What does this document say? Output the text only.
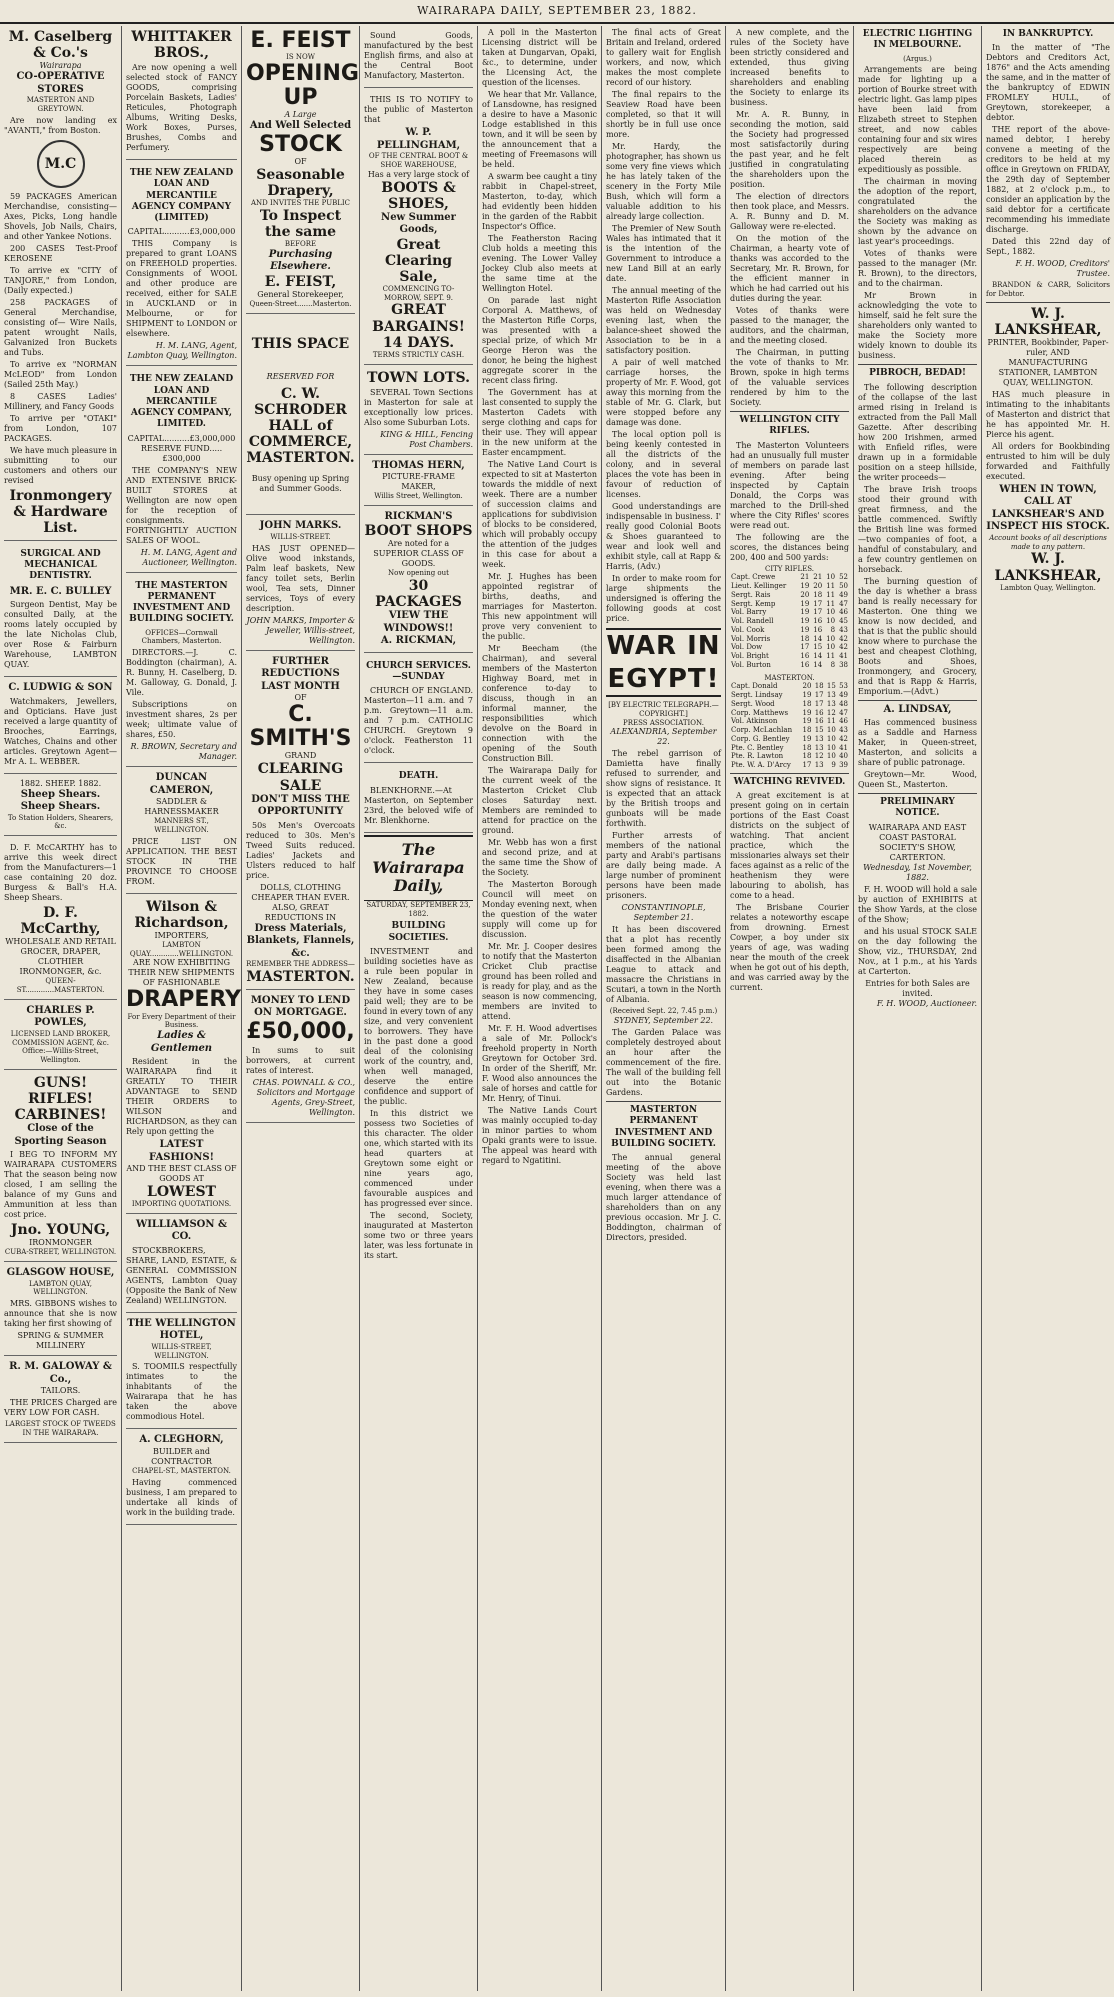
WAIRARAPA DAILY, SEPTEMBER 23, 1882.
M. Caselberg & Co.'s
Wairarapa
CO-OPERATIVE STORES
MASTERTON AND GREYTOWN.
Are now landing ex "AVANTI," from Boston.
M.C
59 PACKAGES American Merchandise, consisting—Axes, Picks, Long handle Shovels, Job Nails, Chairs, and other Yankee Notions.
200 CASES Test-Proof KEROSENE
To arrive ex "CITY of TANJORE," from London, (Daily expected.)
258 PACKAGES of General Merchandise, consisting of— Wire Nails, patent wrought Nails, Galvanized Iron Buckets and Tubs.
To arrive ex "NORMAN McLEOD" from London (Sailed 25th May.)
8 CASES Ladies' Millinery, and Fancy Goods
To arrive per "OTAKI" from London, 107 PACKAGES.
We have much pleasure in submitting to our customers and others our revised
Ironmongery & Hardware List.
SURGICAL AND MECHANICAL DENTISTRY.
MR. E. C. BULLEY
Surgeon Dentist, May be consulted Daily, at the rooms lately occupied by the late Nicholas Club, over Rose & Fairburn Warehouse, LAMBTON QUAY.
C. LUDWIG & SON
Watchmakers, Jewellers, and Opticians. Have just received a large quantity of Brooches, Earrings, Watches, Chains and other articles. Greytown Agent—Mr A. L. WEBBER.
1882. SHEEP. 1882.
Sheep Shears. Sheep Shears.
To Station Holders, Shearers, &c.
D. F. McCARTHY has to arrive this week direct from the Manufacturers—1 case containing 20 doz. Burgess & Ball's H.A. Sheep Shears.
D. F. McCarthy,
WHOLESALE AND RETAIL GROCER, DRAPER, CLOTHIER IRONMONGER, &c.
QUEEN-ST.............MASTERTON.
CHARLES P. POWLES,
LICENSED LAND BROKER, COMMISSION AGENT, &c. Office:—Willis-Street, Wellington.
GUNS! RIFLES! CARBINES!
Close of the Sporting Season
I BEG TO INFORM MY WAIRARAPA CUSTOMERS That the season being now closed, I am selling the balance of my Guns and Ammunition at less than cost price.
Jno. YOUNG,
IRONMONGER
CUBA-STREET, WELLINGTON.
GLASGOW HOUSE,
LAMBTON QUAY, WELLINGTON.
MRS. GIBBONS wishes to announce that she is now taking her first showing of
SPRING & SUMMER MILLINERY
R. M. GALOWAY & Co.,
TAILORS.
THE PRICES Charged are VERY LOW FOR CASH.
LARGEST STOCK OF TWEEDS IN THE WAIRARAPA.
WHITTAKER BROS.,
Are now opening a well selected stock of FANCY GOODS, comprising Porcelain Baskets, Ladies' Reticules, Photograph Albums, Writing Desks, Work Boxes, Purses, Brushes, Combs and Perfumery.
THE NEW ZEALAND LOAN AND MERCANTILE AGENCY COMPANY (LIMITED)
CAPITAL..........£3,000,000
THIS Company is prepared to grant LOANS on FREEHOLD properties. Consignments of WOOL and other produce are received, either for SALE in AUCKLAND or in Melbourne, or for SHIPMENT to LONDON or elsewhere.
H. M. LANG, Agent, Lambton Quay, Wellington.
THE NEW ZEALAND LOAN AND MERCANTILE AGENCY COMPANY, LIMITED.
CAPITAL..........£3,000,000
RESERVE FUND.....£300,000
THE COMPANY'S NEW AND EXTENSIVE BRICK-BUILT STORES at Wellington are now open for the reception of consignments. FORTNIGHTLY AUCTION SALES OF WOOL.
H. M. LANG, Agent and Auctioneer, Wellington.
THE MASTERTON PERMANENT INVESTMENT AND BUILDING SOCIETY.
OFFICES—Cornwall Chambers, Masterton.
DIRECTORS.—J. C. Boddington (chairman), A. R. Bunny, H. Caselberg, D. M. Galloway, G. Donald, J. Vile.
Subscriptions on investment shares, 2s per week; ultimate value of shares, £50.
R. BROWN, Secretary and Manager.
DUNCAN CAMERON,
SADDLER & HARNESSMAKER
MANNERS ST., WELLINGTON.
PRICE LIST ON APPLICATION. THE BEST STOCK IN THE PROVINCE TO CHOOSE FROM.
Wilson & Richardson,
IMPORTERS,
LAMBTON QUAY.............WELLINGTON.
ARE NOW EXHIBITING THEIR NEW SHIPMENTS OF FASHIONABLE
DRAPERY
For Every Department of their Business.
Ladies & Gentlemen
Resident in the WAIRARAPA find it GREATLY TO THEIR ADVANTAGE to SEND THEIR ORDERS to WILSON and RICHARDSON, as they can Rely upon getting the
LATEST FASHIONS!
AND THE BEST CLASS OF GOODS AT
LOWEST
IMPORTING QUOTATIONS.
WILLIAMSON & CO.
STOCKBROKERS, SHARE, LAND, ESTATE, & GENERAL COMMISSION AGENTS, Lambton Quay (Opposite the Bank of New Zealand) WELLINGTON.
THE WELLINGTON HOTEL,
WILLIS-STREET, WELLINGTON.
S. TOOMILS respectfully intimates to the inhabitants of the Wairarapa that he has taken the above commodious Hotel.
A. CLEGHORN,
BUILDER and CONTRACTOR
CHAPEL-ST., MASTERTON.
Having commenced business, I am prepared to undertake all kinds of work in the building trade.
E. FEIST
IS NOW
OPENING UP
A Large
And Well Selected
STOCK
OF
Seasonable Drapery,
AND INVITES THE PUBLIC
To Inspect the same
BEFORE
Purchasing Elsewhere.
E. FEIST,
General Storekeeper,
Queen-Street.......Masterton.
THIS SPACE
RESERVED FOR
C. W. SCHRODER
HALL of COMMERCE,
MASTERTON.
Busy opening up Spring and Summer Goods.
JOHN MARKS.
WILLIS-STREET.
HAS JUST OPENED— Olive wood inkstands, Palm leaf baskets, New fancy toilet sets, Berlin wool, Tea sets, Dinner services, Toys of every description.
JOHN MARKS, Importer & Jeweller, Willis-street, Wellington.
FURTHER REDUCTIONS
LAST MONTH
OF
C. SMITH'S
GRAND
CLEARING SALE
DON'T MISS THE OPPORTUNITY
50s Men's Overcoats reduced to 30s. Men's Tweed Suits reduced. Ladies' Jackets and Ulsters reduced to half price.
DOLLS, CLOTHING CHEAPER THAN EVER.
ALSO, GREAT REDUCTIONS IN
Dress Materials, Blankets, Flannels, &c.
REMEMBER THE ADDRESS—
MASTERTON.
MONEY TO LEND ON MORTGAGE.
£50,000,
In sums to suit borrowers, at current rates of interest.
CHAS. POWNALL & CO., Solicitors and Mortgage Agents, Grey-Street, Wellington.
Sound Goods, manufactured by the best English firms, and also at the Central Boot Manufactory, Masterton.
THIS IS TO NOTIFY to the public of Masterton that
W. P. PELLINGHAM,
OF THE CENTRAL BOOT & SHOE WAREHOUSE,
Has a very large stock of
BOOTS & SHOES,
New Summer Goods,
Great Clearing Sale,
COMMENCING TO-MORROW, SEPT. 9.
GREAT BARGAINS!
14 DAYS.
TERMS STRICTLY CASH.
TOWN LOTS.
SEVERAL Town Sections in Masterton for sale at exceptionally low prices. Also some Suburban Lots.
KING & HILL, Fencing Post Chambers.
THOMAS HERN,
PICTURE-FRAME MAKER,
Willis Street, Wellington.
RICKMAN'S
BOOT SHOPS
Are noted for a SUPERIOR CLASS OF GOODS.
Now opening out
30 PACKAGES
VIEW THE WINDOWS!!
A. RICKMAN,
CHURCH SERVICES.—SUNDAY
CHURCH OF ENGLAND. Masterton—11 a.m. and 7 p.m. Greytown—11 a.m. and 7 p.m. CATHOLIC CHURCH. Greytown 9 o'clock. Featherston 11 o'clock.
DEATH.
BLENKHORNE.—At Masterton, on September 23rd, the beloved wife of Mr. Blenkhorne.
The Wairarapa Daily,
SATURDAY, SEPTEMBER 23, 1882.
BUILDING SOCIETIES.
INVESTMENT and building societies have as a rule been popular in New Zealand, because they have in some cases paid well; they are to be found in every town of any size, and very convenient to borrowers. They have in the past done a good deal of the colonising work of the country, and, when well managed, deserve the entire confidence and support of the public.
In this district we possess two Societies of this character. The older one, which started with its head quarters at Greytown some eight or nine years ago, commenced under favourable auspices and has progressed ever since.
The second, Society, inaugurated at Masterton some two or three years later, was less fortunate in its start.
A poll in the Masterton Licensing district will be taken at Dungarvan, Opaki, &c., to determine, under the Licensing Act, the question of the licenses.
We hear that Mr. Vallance, of Lansdowne, has resigned a desire to have a Masonic Lodge established in this town, and it will be seen by the announcement that a meeting of Freemasons will be held.
A swarm bee caught a tiny rabbit in Chapel-street, Masterton, to-day, which had evidently been hidden in the garden of the Rabbit Inspector's Office.
The Featherston Racing Club holds a meeting this evening. The Lower Valley Jockey Club also meets at the same time at the Wellington Hotel.
On parade last night Corporal A. Matthews, of the Masterton Rifle Corps, was presented with a special prize, of which Mr George Heron was the donor, he being the highest aggregate scorer in the recent class firing.
The Government has at last consented to supply the Masterton Cadets with serge clothing and caps for their use. They will appear in the new uniform at the Easter encampment.
The Native Land Court is expected to sit at Masterton towards the middle of next week. There are a number of succession claims and applications for subdivision of blocks to be considered, which will probably occupy the attention of the judges in this case for about a week.
Mr. J. Hughes has been appointed registrar of births, deaths, and marriages for Masterton. This new appointment will prove very convenient to the public.
Mr Beecham (the Chairman), and several members of the Masterton Highway Board, met in conference to-day to discuss, though in an informal manner, the responsibilities which devolve on the Board in connection with the opening of the South Construction Bill.
The Wairarapa Daily for the current week of the Masterton Cricket Club closes Saturday next. Members are reminded to attend for practice on the ground.
Mr. Webb has won a first and second prize, and at the same time the Show of the Society.
The Masterton Borough Council will meet on Monday evening next, when the question of the water supply will come up for discussion.
Mr. Mr. J. Cooper desires to notify that the Masterton Cricket Club practise ground has been rolled and is ready for play, and as the season is now commencing, members are invited to attend.
Mr. F. H. Wood advertises a sale of Mr. Pollock's freehold property in North Greytown for October 3rd. In order of the Sheriff, Mr. F. Wood also announces the sale of horses and cattle for Mr. Henry, of Tinui.
The Native Lands Court was mainly occupied to-day in minor parties to whom Opaki grants were to issue. The appeal was heard with regard to Ngatitini.
The final acts of Great Britain and Ireland, ordered to gallery wait for English workers, and now, which makes the most complete record of our history.
The final repairs to the Seaview Road have been completed, so that it will shortly be in full use once more.
Mr. Hardy, the photographer, has shown us some very fine views which he has lately taken of the scenery in the Forty Mile Bush, which will form a valuable addition to his already large collection.
The Premier of New South Wales has intimated that it is the intention of the Government to introduce a new Land Bill at an early date.
The annual meeting of the Masterton Rifle Association was held on Wednesday evening last, when the balance-sheet showed the Association to be in a satisfactory position.
A pair of well matched carriage horses, the property of Mr. F. Wood, got away this morning from the stable of Mr. G. Clark, but were stopped before any damage was done.
The local option poll is being keenly contested in all the districts of the colony, and in several places the vote has been in favour of reduction of licenses.
Good understandings are indispensable in business. I' really good Colonial Boots & Shoes guaranteed to wear and look well and exhibit style, call at Rapp & Harris, (Adv.)
In order to make room for large shipments the undersigned is offering the following goods at cost price.
WAR IN EGYPT!
[BY ELECTRIC TELEGRAPH.—COPYRIGHT.]
PRESS ASSOCIATION.
ALEXANDRIA, September 22.
The rebel garrison of Damietta have finally refused to surrender, and show signs of resistance. It is expected that an attack by the British troops and gunboats will be made forthwith.
Further arrests of members of the national party and Arabi's partisans are daily being made. A large number of prominent persons have been made prisoners.
CONSTANTINOPLE, September 21.
It has been discovered that a plot has recently been formed among the disaffected in the Albanian League to attack and massacre the Christians in Scutari, a town in the North of Albania.
(Received Sept. 22, 7.45 p.m.)
SYDNEY, September 22.
The Garden Palace was completely destroyed about an hour after the commencement of the fire. The wall of the building fell out into the Botanic Gardens.
MASTERTON PERMANENT INVESTMENT AND BUILDING SOCIETY.
The annual general meeting of the above Society was held last evening, when there was a much larger attendance of shareholders than on any previous occasion. Mr J. C. Boddington, chairman of Directors, presided.
A new complete, and the rules of the Society have been strictly considered and extended, thus giving increased benefits to shareholders and enabling the Society to enlarge its business.
Mr. A. R. Bunny, in seconding the motion, said the Society had progressed most satisfactorily during the past year, and he felt justified in congratulating the shareholders upon the position.
The election of directors then took place, and Messrs. A. R. Bunny and D. M. Galloway were re-elected.
On the motion of the Chairman, a hearty vote of thanks was accorded to the Secretary, Mr. R. Brown, for the efficient manner in which he had carried out his duties during the year.
Votes of thanks were passed to the manager, the auditors, and the chairman, and the meeting closed.
The Chairman, in putting the vote of thanks to Mr. Brown, spoke in high terms of the valuable services rendered by him to the Society.
WELLINGTON CITY RIFLES.
The Masterton Volunteers had an unusually full muster of members on parade last evening. After being inspected by Captain Donald, the Corps was marched to the Drill-shed where the City Rifles' scores were read out.
The following are the scores, the distances being 200, 400 and 500 yards:
CITY RIFLES.
Capt. Crewe	21	21	10	52
Lieut. Kellinger	19	20	11	50
Sergt. Rais	20	18	11	49
Sergt. Kemp	19	17	11	47
Vol. Barry	19	17	10	46
Vol. Randell	19	16	10	45
Vol. Cook	19	16	8	43
Vol. Morris	18	14	10	42
Vol. Dow	17	15	10	42
Vol. Bright	16	14	11	41
Vol. Burton	16	14	8	38
MASTERTON.
Capt. Donald	20	18	15	53
Sergt. Lindsay	19	17	13	49
Sergt. Wood	18	17	13	48
Corp. Matthews	19	16	12	47
Vol. Atkinson	19	16	11	46
Corp. McLachlan	18	15	10	43
Corp. G. Bentley	19	13	10	42
Pte. C. Bentley	18	13	10	41
Pte. R. Lawton	18	12	10	40
Pte. W. A. D'Arcy	17	13	9	39
WATCHING REVIVED.
A great excitement is at present going on in certain portions of the East Coast districts on the subject of watching. That ancient practice, which the missionaries always set their faces against as a relic of the heathenism they were labouring to abolish, has come to a head.
The Brisbane Courier relates a noteworthy escape from drowning. Ernest Cowper, a boy under six years of age, was wading near the mouth of the creek when he got out of his depth, and was carried away by the current.
ELECTRIC LIGHTING IN MELBOURNE.
(Argus.)
Arrangements are being made for lighting up a portion of Bourke street with electric light. Gas lamp pipes have been laid from Elizabeth street to Stephen street, and now cables containing four and six wires respectively are being placed therein as expeditiously as possible.
The chairman in moving the adoption of the report, congratulated the shareholders on the advance the Society was making as shown by the advance on last year's proceedings.
Votes of thanks were passed to the manager (Mr. R. Brown), to the directors, and to the chairman.
Mr Brown in acknowledging the vote to himself, said he felt sure the shareholders only wanted to make the Society more widely known to double its business.
PIBROCH, BEDAD!
The following description of the collapse of the last armed rising in Ireland is extracted from the Pall Mall Gazette. After describing how 200 Irishmen, armed with Enfield rifles, were drawn up in a formidable position on a steep hillside, the writer proceeds—
The brave Irish troops stood their ground with great firmness, and the battle commenced. Swiftly the British line was formed —two companies of foot, a handful of constabulary, and a few country gentlemen on horseback.
The burning question of the day is whether a brass band is really necessary for Masterton. One thing we know is now decided, and that is that the public should know where to purchase the best and cheapest Clothing, Boots and Shoes, Ironmongery, and Grocery, and that is Rapp & Harris, Emporium.—(Advt.)
A. LINDSAY,
Has commenced business as a Saddle and Harness Maker, in Queen-street, Masterton, and solicits a share of public patronage.
Greytown—Mr. Wood, Queen St., Masterton.
PRELIMINARY NOTICE.
WAIRARAPA AND EAST COAST PASTORAL SOCIETY'S SHOW, CARTERTON.
Wednesday, 1st November, 1882.
F. H. WOOD will hold a sale by auction of EXHIBITS at the Show Yards, at the close of the Show;
and his usual STOCK SALE on the day following the Show, viz., THURSDAY, 2nd Nov., at 1 p.m., at his Yards at Carterton.
Entries for both Sales are invited.
F. H. WOOD, Auctioneer.
IN BANKRUPTCY.
In the matter of "The Debtors and Creditors Act, 1876" and the Acts amending the same, and in the matter of the bankruptcy of EDWIN FROMLEY HULL, of Greytown, storekeeper, a debtor.
THE report of the above-named debtor, I hereby convene a meeting of the creditors to be held at my office in Greytown on FRIDAY, the 29th day of September 1882, at 2 o'clock p.m., to consider an application by the said debtor for a certificate recommending his immediate discharge.
Dated this 22nd day of Sept., 1882.
F. H. WOOD, Creditors' Trustee.
BRANDON & CARR, Solicitors for Debtor.
W. J. LANKSHEAR,
PRINTER, Bookbinder, Paper-ruler, AND MANUFACTURING STATIONER, LAMBTON QUAY, WELLINGTON.
HAS much pleasure in intimating to the inhabitants of Masterton and district that he has appointed Mr. H. Pierce his agent.
All orders for Bookbinding entrusted to him will be duly forwarded and Faithfully executed.
WHEN IN TOWN, CALL AT LANKSHEAR'S AND INSPECT HIS STOCK.
Account books of all descriptions made to any pattern.
W. J. LANKSHEAR,
Lambton Quay, Wellington.
